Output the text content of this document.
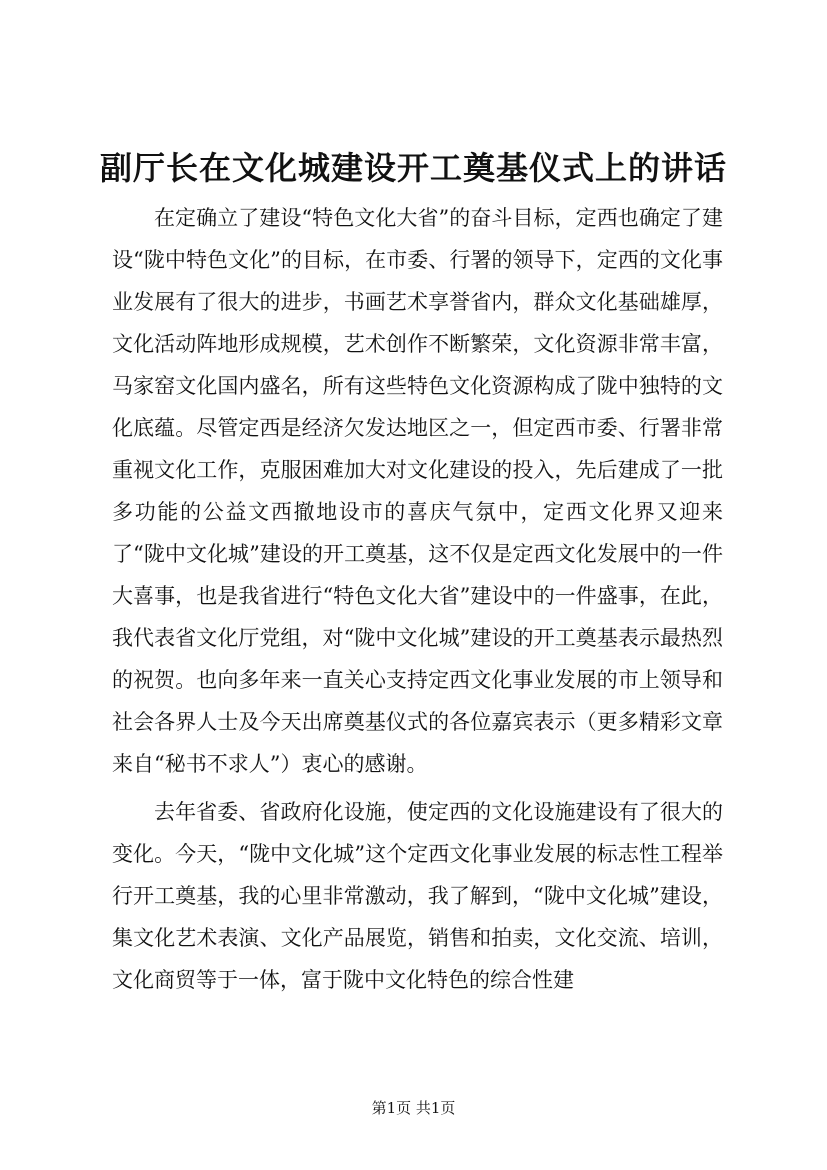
副厅长在文化城建设开工奠基仪式上的讲话

在定确立了建设“特色文化大省”的奋斗目标，定西也确定了建设“陇中特色文化”的目标，在市委、行署的领导下，定西的文化事业发展有了很大的进步，书画艺术享誉省内，群众文化基础雄厚，文化活动阵地形成规模，艺术创作不断繁荣，文化资源非常丰富，马家窑文化国内盛名，所有这些特色文化资源构成了陇中独特的文化底蕴。尽管定西是经济欠发达地区之一，但定西市委、行署非常重视文化工作，克服困难加大对文化建设的投入，先后建成了一批多功能的公益文西撤地设市的喜庆气氛中，定西文化界又迎来了“陇中文化城”建设的开工奠基，这不仅是定西文化发展中的一件大喜事，也是我省进行“特色文化大省”建设中的一件盛事，在此，我代表省文化厅党组，对“陇中文化城”建设的开工奠基表示最热烈的祝贺。也向多年来一直关心支持定西文化事业发展的市上领导和社会各界人士及今天出席奠基仪式的各位嘉宾表示（更多精彩文章来自“秘书不求人”）衷心的感谢。

去年省委、省政府化设施，使定西的文化设施建设有了很大的变化。今天，“陇中文化城”这个定西文化事业发展的标志性工程举行开工奠基，我的心里非常激动，我了解到，“陇中文化城”建设，集文化艺术表演、文化产品展览，销售和拍卖，文化交流、培训，文化商贸等于一体，富于陇中文化特色的综合性建

第1页 共1页
